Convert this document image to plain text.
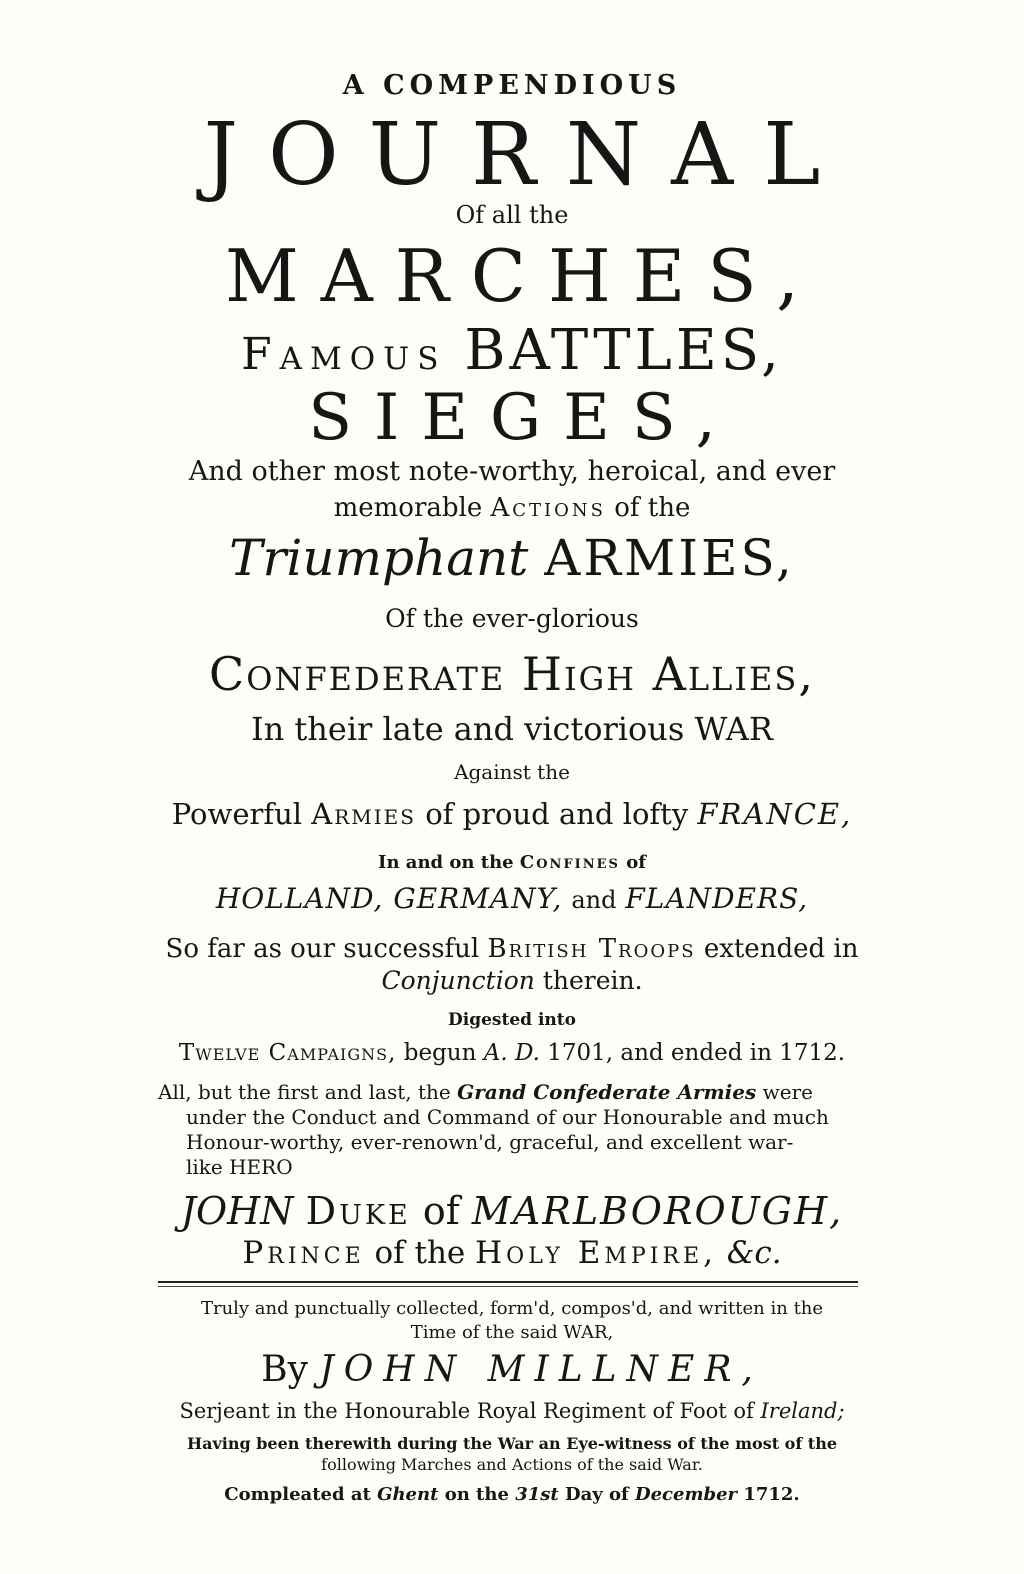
A COMPENDIOUS
JOURNAL
Of all the
MARCHES,
Famous BATTLES,
SIEGES,
And other most note-worthy, heroical, and ever
memorable Actions of the
Triumphant ARMIES,
Of the ever-glorious
Confederate High Allies,
In their late and victorious WAR
Against the
Powerful Armies of proud and lofty FRANCE,
In and on the Confines of
HOLLAND, GERMANY, and FLANDERS,
So far as our successful British Troops extended in
Conjunction therein.
Digested into
Twelve Campaigns, begun A. D. 1701, and ended in 1712.
All, but the first and last, the Grand Confederate Armies were
under the Conduct and Command of our Honourable and much
Honour-worthy, ever-renown'd, graceful, and excellent war-
like HERO
JOHN Duke of MARLBOROUGH,
Prince of the Holy Empire, &c.
Truly and punctually collected, form'd, compos'd, and written in the
Time of the said WAR,
By JOHN MILLNER,
Serjeant in the Honourable Royal Regiment of Foot of Ireland;
Having been therewith during the War an Eye-witness of the most of the
following Marches and Actions of the said War.
Compleated at Ghent on the 31st Day of December 1712.
